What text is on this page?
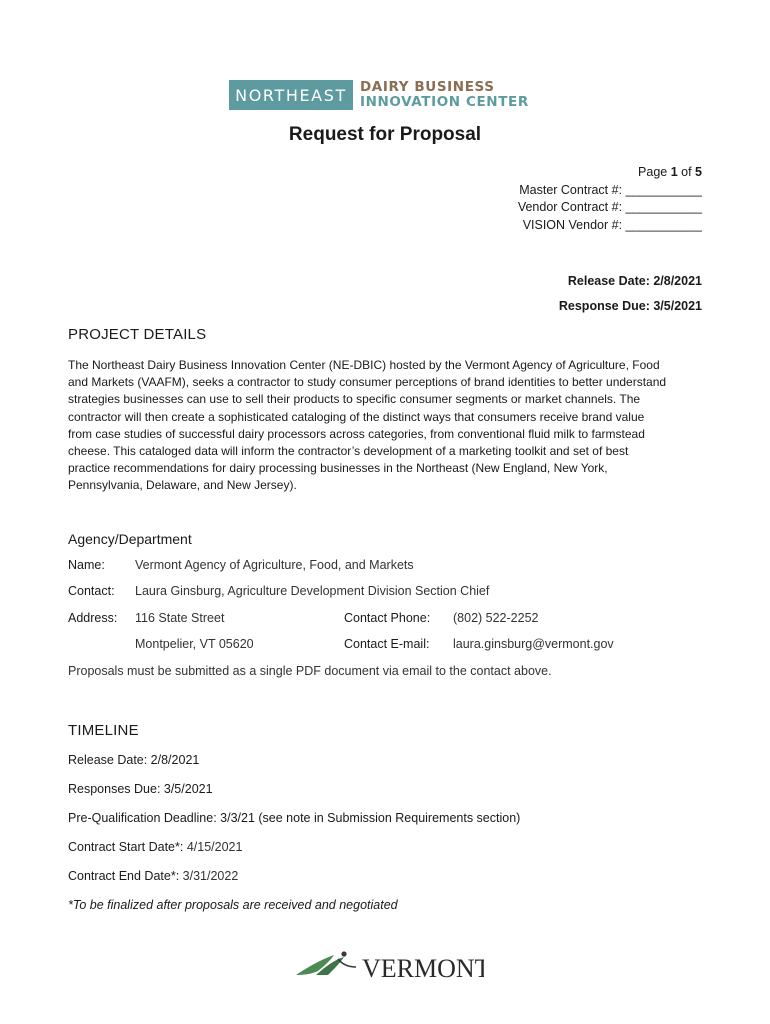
NORTHEAST DAIRY BUSINESS
INNOVATION CENTER
Request for Proposal
Page 1 of 5
Master Contract #: ___________
Vendor Contract #: ___________
VISION Vendor #: ___________
Release Date: 2/8/2021
Response Due: 3/5/2021
PROJECT DETAILS
The Northeast Dairy Business Innovation Center (NE-DBIC) hosted by the Vermont Agency of Agriculture, Food
and Markets (VAAFM), seeks a contractor to study consumer perceptions of brand identities to better understand
strategies businesses can use to sell their products to specific consumer segments or market channels. The
contractor will then create a sophisticated cataloging of the distinct ways that consumers receive brand value
from case studies of successful dairy processors across categories, from conventional fluid milk to farmstead
cheese. This cataloged data will inform the contractor’s development of a marketing toolkit and set of best
practice recommendations for dairy processing businesses in the Northeast (New England, New York,
Pennsylvania, Delaware, and New Jersey).
Agency/Department
Name: Vermont Agency of Agriculture, Food, and Markets
Contact: Laura Ginsburg, Agriculture Development Division Section Chief
Address: 116 State Street	Contact Phone: (802) 522-2252
Montpelier, VT 05620	Contact E-mail: laura.ginsburg@vermont.gov
Proposals must be submitted as a single PDF document via email to the contact above.
TIMELINE
Release Date: 2/8/2021
Responses Due: 3/5/2021
Pre-Qualification Deadline: 3/3/21 (see note in Submission Requirements section)
Contract Start Date*: 4/15/2021
Contract End Date*: 3/31/2022
*To be finalized after proposals are received and negotiated
VERMONT
